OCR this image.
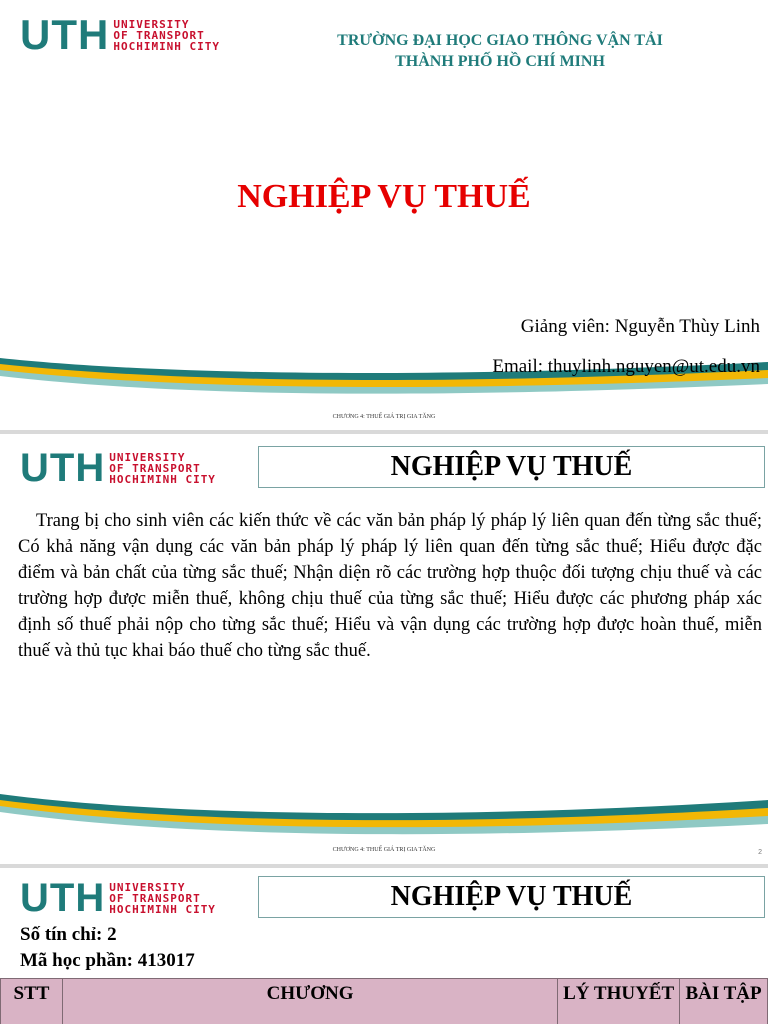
UTH UNIVERSITY
OF TRANSPORT
HOCHIMINH CITY	TRƯỜNG ĐẠI HỌC GIAO THÔNG VẬN TẢI
THÀNH PHỐ HỒ CHÍ MINH
NGHIỆP VỤ THUẾ
Giảng viên: Nguyễn Thùy Linh
Email: thuylinh.nguyen@ut.edu.vn
CHƯƠNG 4: THUẾ GIÁ TRỊ GIA TĂNG
UTH UNIVERSITY
OF TRANSPORT
HOCHIMINH CITY	NGHIỆP VỤ THUẾ
Trang bị cho sinh viên các kiến thức về các văn bản pháp lý pháp lý liên quan đến từng sắc thuế; Có khả năng vận dụng các văn bản pháp lý pháp lý liên quan đến từng sắc thuế; Hiểu được đặc điểm và bản chất của từng sắc thuế; Nhận diện rõ các trường hợp thuộc đối tượng chịu thuế và các trường hợp được miễn thuế, không chịu thuế của từng sắc thuế; Hiểu được các phương pháp xác định số thuế phải nộp cho từng sắc thuế; Hiểu và vận dụng các trường hợp được hoàn thuế, miễn thuế và thủ tục khai báo thuế cho từng sắc thuế.
CHƯƠNG 4: THUẾ GIÁ TRỊ GIA TĂNG	2
UTH UNIVERSITY
OF TRANSPORT
HOCHIMINH CITY	NGHIỆP VỤ THUẾ
Số tín chỉ: 2
Mã học phần: 413017
STT	CHƯƠNG	LÝ THUYẾT	BÀI TẬP
